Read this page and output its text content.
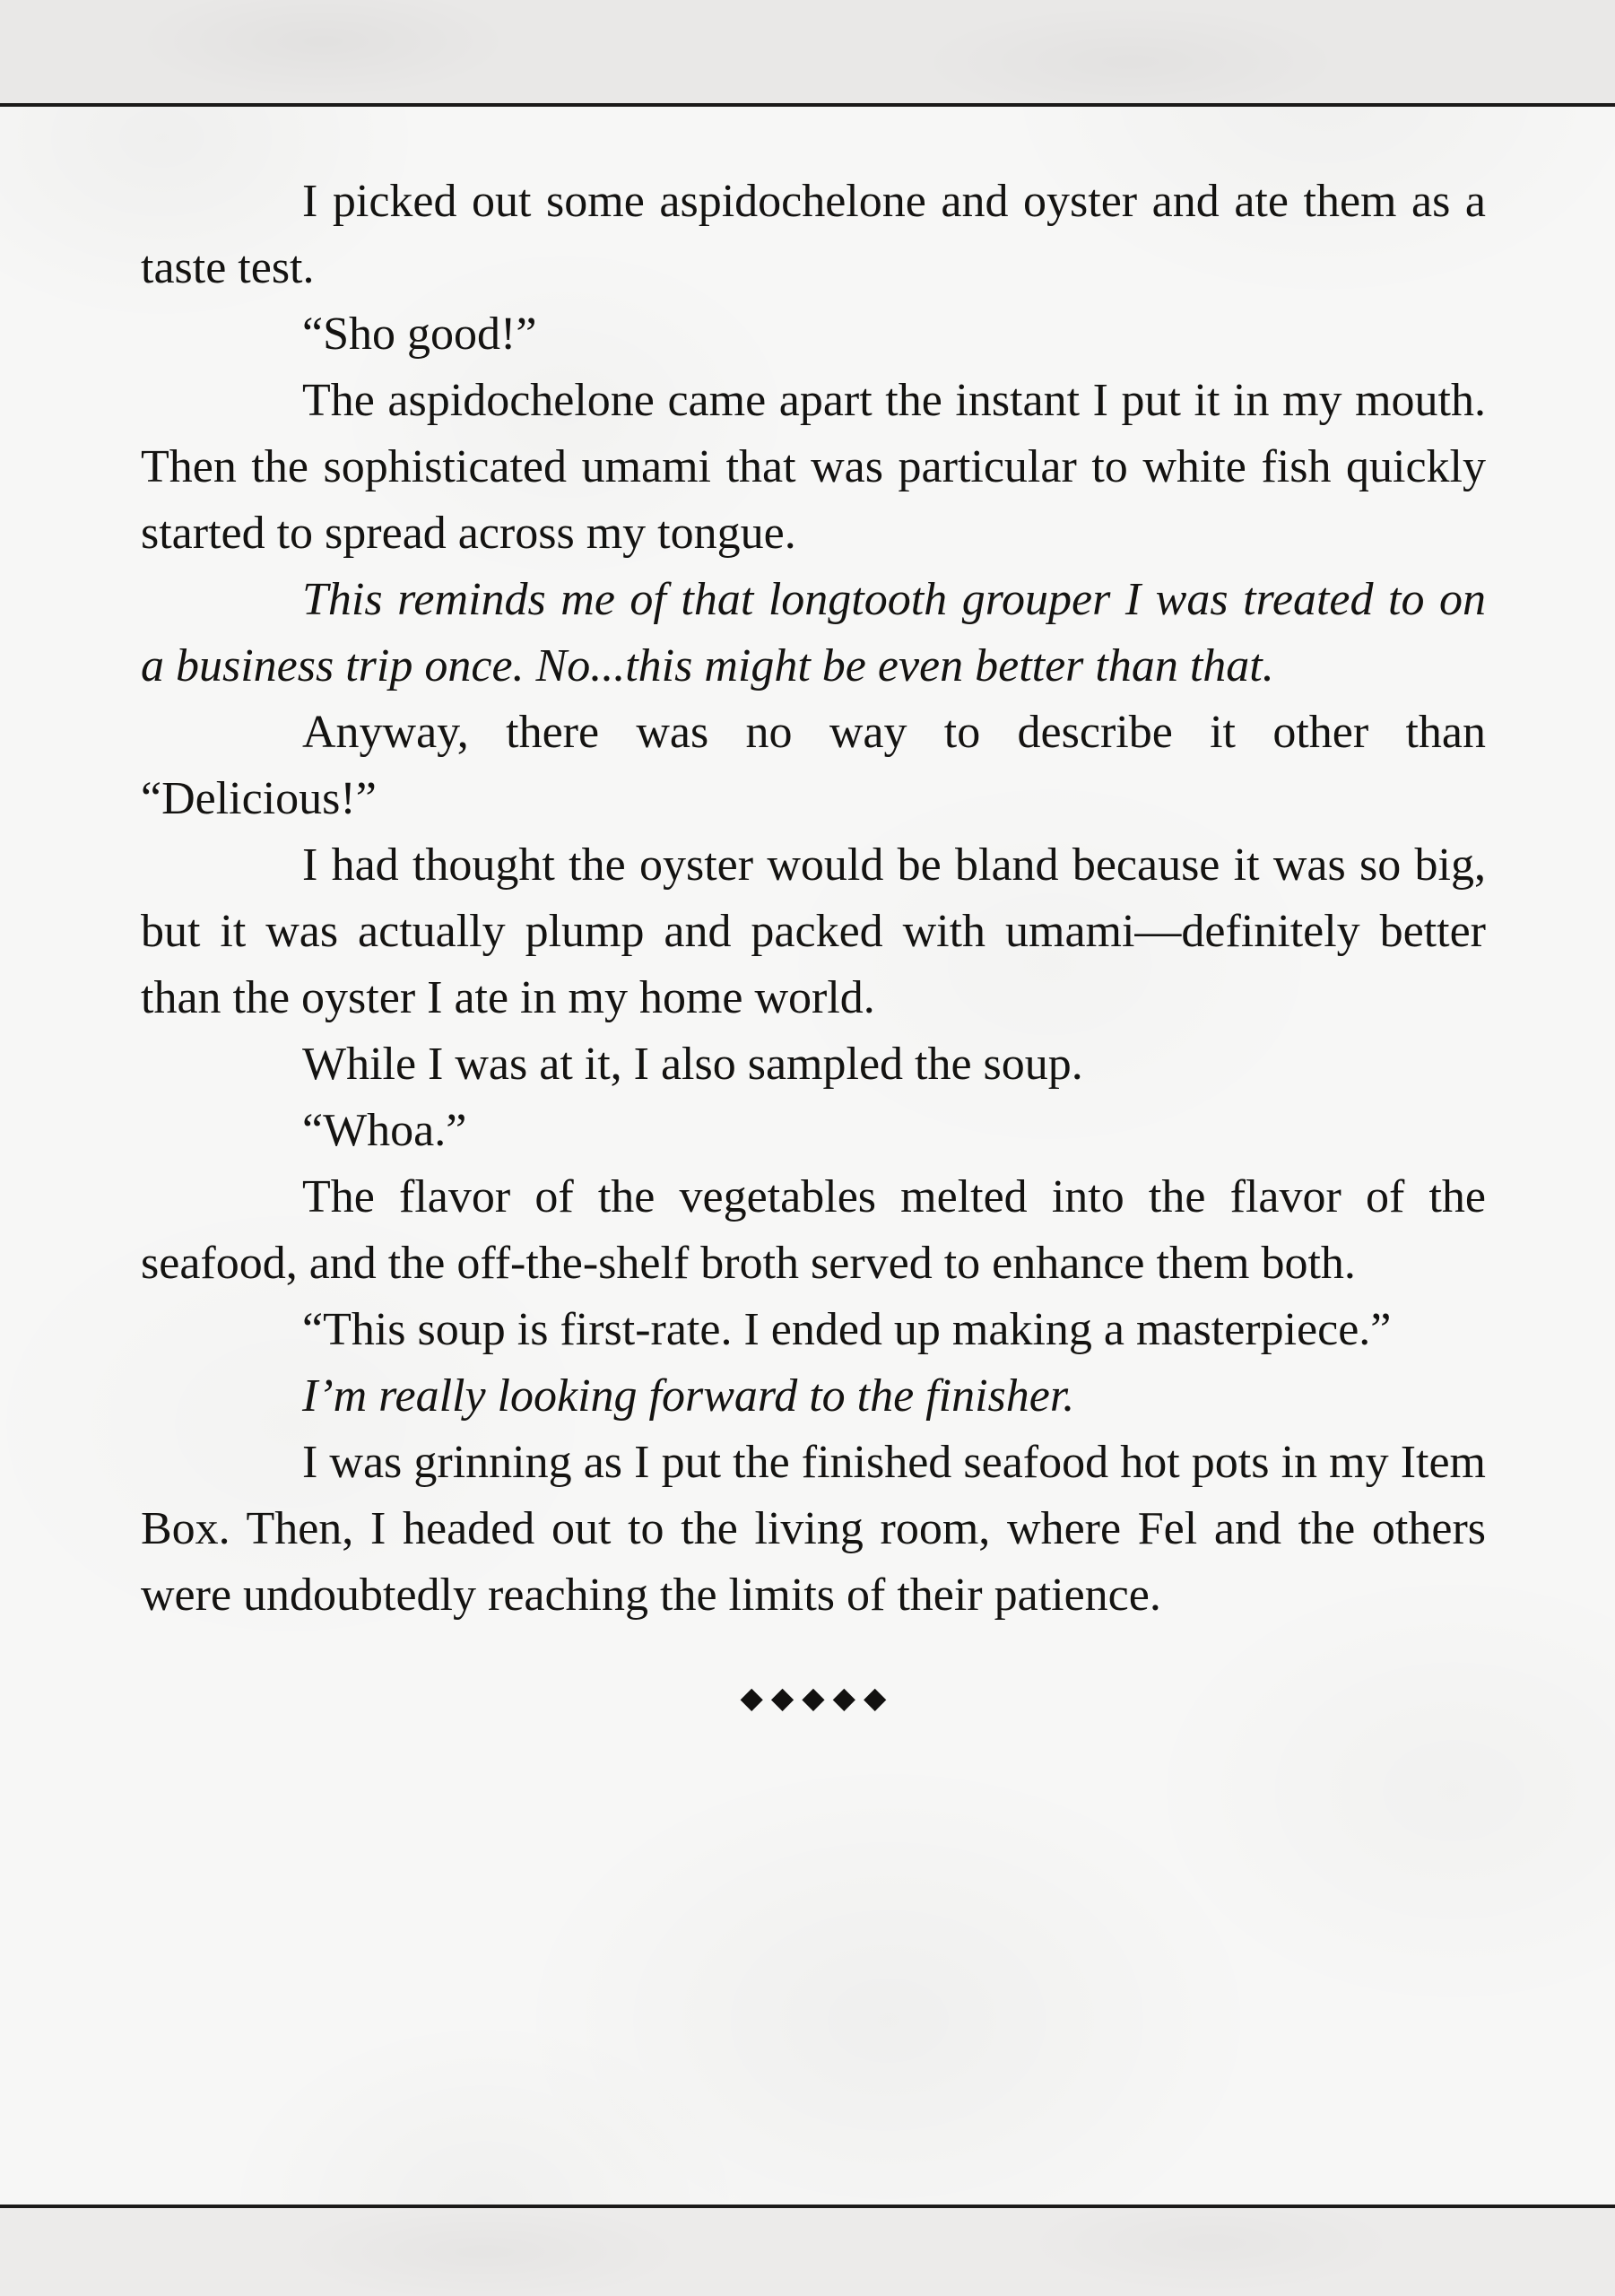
I picked out some aspidochelone and oyster and ate them as a taste test.

“Sho good!”

The aspidochelone came apart the instant I put it in my mouth. Then the sophisticated umami that was particular to white fish quickly started to spread across my tongue.

This reminds me of that longtooth grouper I was treated to on a business trip once. No...this might be even better than that.

Anyway, there was no way to describe it other than “Delicious!”

I had thought the oyster would be bland because it was so big, but it was actually plump and packed with umami—definitely better than the oyster I ate in my home world.

While I was at it, I also sampled the soup.

“Whoa.”

The flavor of the vegetables melted into the flavor of the seafood, and the off-the-shelf broth served to enhance them both.

“This soup is first-rate. I ended up making a masterpiece.”

I’m really looking forward to the finisher.

I was grinning as I put the finished seafood hot pots in my Item Box. Then, I headed out to the living room, where Fel and the others were undoubtedly reaching the limits of their patience.

◆◆◆◆◆
